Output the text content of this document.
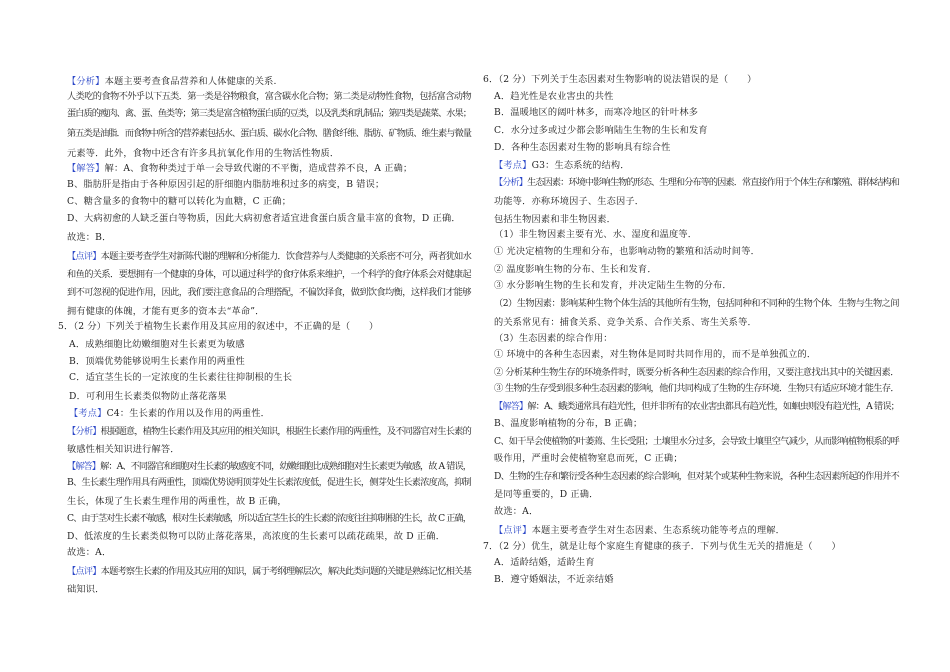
【分析】本题主要考查食品营养和人体健康的关系.
人类吃的食物不外乎以下五类．第一类是谷物粮食，富含碳水化合物；第二类是动物性食物，包括富含动物
蛋白质的瘦肉、禽、蛋、鱼类等；第三类是富含植物蛋白质的豆类，以及乳类和乳制品；第四类是蔬菜、水果；
第五类是油脂．而食物中所含的营养素包括水、蛋白质、碳水化合物、膳食纤维、脂肪、矿物质、维生素与微量
元素等．此外，食物中还含有许多具抗氧化作用的生物活性物质．
【解答】解：A、食物种类过于单一会导致代谢的不平衡，造成营养不良，A 正确；
B、脂肪肝是指由于各种原因引起的肝细胞内脂肪堆积过多的病变，B 错误；
C、糖含量多的食物中的糖可以转化为血糖，C 正确；
D、大病初愈的人缺乏蛋白等物质，因此大病初愈者适宜进食蛋白质含量丰富的食物，D 正确．
故选：B．
【点评】本题主要考查学生对新陈代谢的理解和分析能力．饮食营养与人类健康的关系密不可分，两者犹如水
和鱼的关系．要想拥有一个健康的身体，可以通过科学的食疗体系来维护，一个科学的食疗体系会对健康起
到不可忽视的促进作用，因此，我们要注意食品的合理搭配，不偏饮择食，做到饮食均衡，这样我们才能够
拥有健康的体魄，才能有更多的资本去“革命”．
5．（2 分）下列关于植物生长素作用及其应用的叙述中，不正确的是（　　）
A．成熟细胞比幼嫩细胞对生长素更为敏感
B．顶端优势能够说明生长素作用的两重性
C．适宜茎生长的一定浓度的生长素往往抑制根的生长
D．可利用生长素类似物防止落花落果
【考点】C4：生长素的作用以及作用的两重性．
【分析】根据题意，植物生长素作用及其应用的相关知识，根据生长素作用的两重性，及不同器官对生长素的
敏感性相关知识进行解答．
【解答】解：A、不同器官和细胞对生长素的敏感度不同，幼嫩细胞比成熟细胞对生长素更为敏感，故 A 错误，
B、生长素生理作用具有两重性，顶端优势说明顶芽处生长素浓度低，促进生长，侧芽处生长素浓度高，抑制
生长，体现了生长素生理作用的两重性，故 B 正确，
C、由于茎对生长素不敏感，根对生长素敏感，所以适宜茎生长的生长素的浓度往往抑制根的生长，故 C 正确，
D、低浓度的生长素类似物可以防止落花落果，高浓度的生长素可以疏花疏果，故 D 正确．
故选：A．
【点评】本题考察生长素的作用及其应用的知识，属于考纲理解层次，解决此类问题的关键是熟练记忆相关基
础知识．
6．（2 分）下列关于生态因素对生物影响的说法错误的是（　　）
A．趋光性是农业害虫的共性
B．温暖地区的阔叶林多，而寒冷地区的针叶林多
C．水分过多或过少都会影响陆生生物的生长和发育
D．各种生态因素对生物的影响具有综合性
【考点】G3：生态系统的结构．
【分析】生态因素：环境中影响生物的形态、生理和分布等的因素．常直接作用于个体生存和繁殖、群体结构和
功能等．亦称环境因子、生态因子．
包括生物因素和非生物因素．
（1）非生物因素主要有光、水、湿度和温度等．
① 光决定植物的生理和分布，也影响动物的繁殖和活动时间等．
② 温度影响生物的分布、生长和发育．
③ 水分影响生物的生长和发育，并决定陆生生物的分布．
（2）生物因素：影响某种生物个体生活的其他所有生物，包括同种和不同种的生物个体．生物与生物之间
的关系常见有：捕食关系、竞争关系、合作关系、寄生关系等．
（3）生态因素的综合作用：
① 环境中的各种生态因素，对生物体是同时共同作用的，而不是单独孤立的．
② 分析某种生物生存的环境条件时，既要分析各种生态因素的综合作用，又要注意找出其中的关键因素．
③ 生物的生存受到很多种生态因素的影响，他们共同构成了生物的生存环境．生物只有适应环境才能生存．
【解答】解：A、蛾类通常具有趋光性，但并非所有的农业害虫都具有趋光性，如蛔虫则没有趋光性，A 错误；
B、温度影响植物的分布，B 正确；
C、如干旱会使植物的叶萎蔫、生长受阻；土壤里水分过多，会导致土壤里空气减少，从而影响植物根系的呼
吸作用，严重时会使植物窒息而死，C 正确；
D、生物的生存和繁衍受各种生态因素的综合影响，但对某个或某种生物来说，各种生态因素所起的作用并不
是同等重要的，D 正确．
故选：A．
【点评】本题主要考查学生对生态因素、生态系统功能等考点的理解．
7．（2 分）优生，就是让每个家庭生育健康的孩子．下列与优生无关的措施是（　　）
A．适龄结婚，适龄生育
B．遵守婚姻法，不近亲结婚
